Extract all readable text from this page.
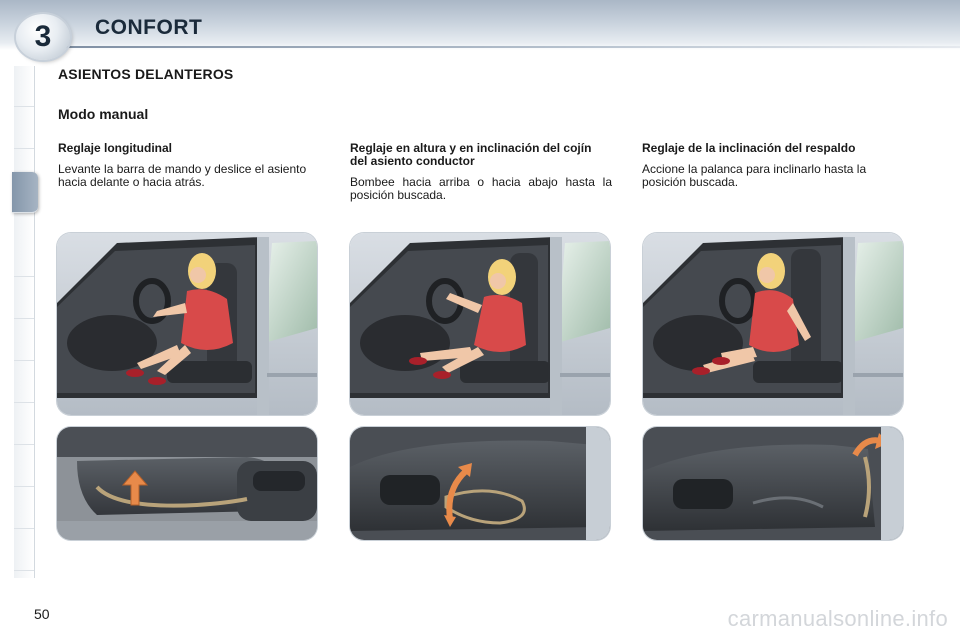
3 CONFORT
ASIENTOS DELANTEROS
Modo manual

Reglaje longitudinal

Levante la barra de mando y deslice el asiento hacia delante o hacia atrás.

Reglaje en altura y en inclinación del cojín del asiento conductor

Bombee hacia arriba o hacia abajo hasta la posición buscada.

Reglaje de la inclinación del respaldo

Accione la palanca para inclinarlo hasta la posición buscada.

50	carmanualsonline.info
